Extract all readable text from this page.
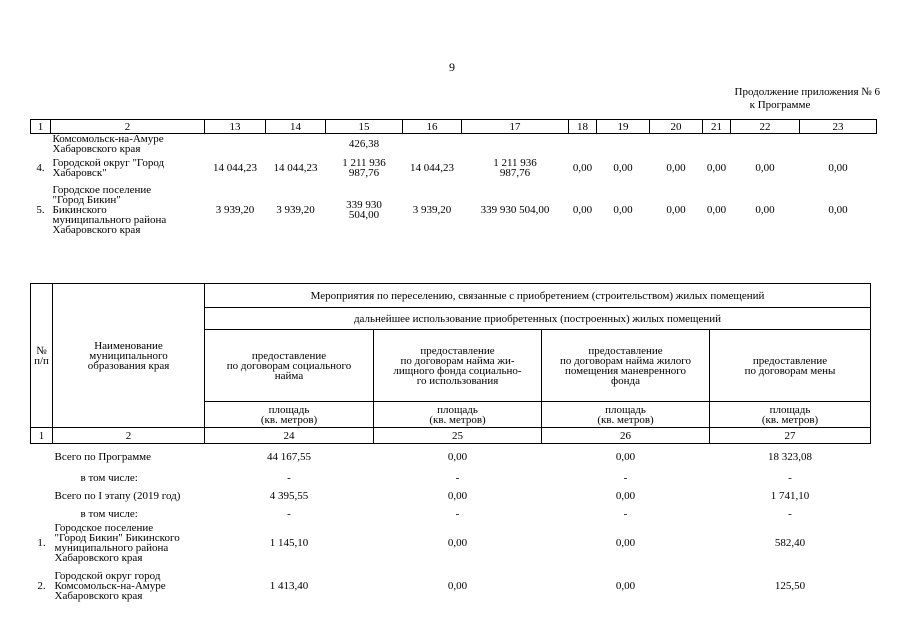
9
Продолжение приложения № 6
к Программе
1	2	13	14	15	16	17	18	19	20	21	22	23
	Комсомольск-на-Амуре
Хабаровского края			426,38								
4.	Городской округ "Город
Хабаровск"	14 044,23	14 044,23	1 211 936
987,76	14 044,23	1 211 936
987,76	0,00	0,00	0,00	0,00	0,00	0,00
5.	Городское поселение
"Город Бикин"
Бикинского
муниципального района
Хабаровского края	3 939,20	3 939,20	339 930
504,00	3 939,20	339 930 504,00	0,00	0,00	0,00	0,00	0,00	0,00
№
п/п	Наименование
муниципального
образования края	Мероприятия по переселению, связанные с приобретением (строительством) жилых помещений			
		дальнейшее использование приобретенных (построенных) жилых помещений			
		предоставление
по договорам социального
найма	предоставление
по договорам найма жи-
лищного фонда социально-
го использования	предоставление
по договорам найма жилого
помещения маневренного
фонда	предоставление
по договорам мены
		площадь
(кв. метров)	площадь
(кв. метров)	площадь
(кв. метров)	площадь
(кв. метров)
1	2	24	25	26	27
	Всего по Программе	44 167,55	0,00	0,00	18 323,08
	в том числе:	-	-	-	-
	Всего по I этапу (2019 год)	4 395,55	0,00	0,00	1 741,10
	в том числе:	-	-	-	-
1.	Городское поселение
"Город Бикин" Бикинского
муниципального района
Хабаровского края	1 145,10	0,00	0,00	582,40
2.	Городской округ город
Комсомольск-на-Амуре
Хабаровского края	1 413,40	0,00	0,00	125,50
